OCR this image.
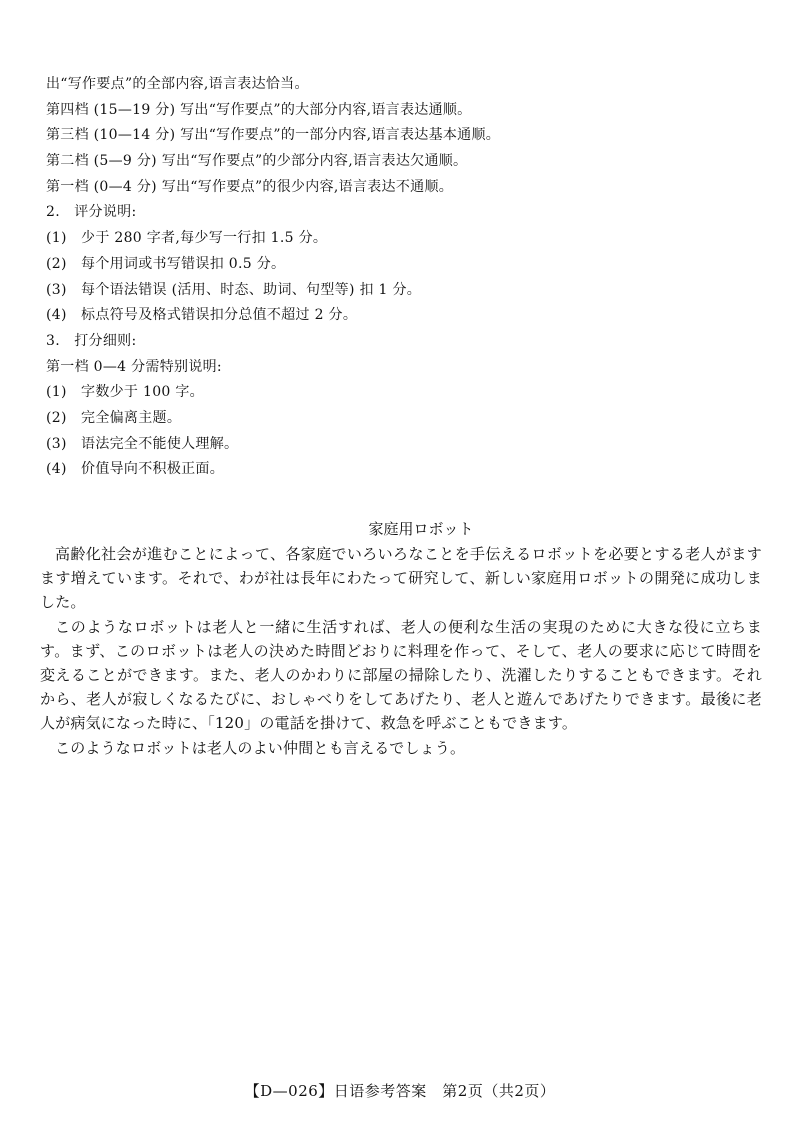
出“写作要点”的全部内容,语言表达恰当。
第四档 (15—19 分) 写出“写作要点”的大部分内容,语言表达通顺。
第三档 (10—14 分) 写出“写作要点”的一部分内容,语言表达基本通顺。
第二档 (5—9 分) 写出“写作要点”的少部分内容,语言表达欠通顺。
第一档 (0—4 分) 写出“写作要点”的很少内容,语言表达不通顺。
2.　评分说明:
(1)　少于 280 字者,每少写一行扣 1.5 分。
(2)　每个用词或书写错误扣 0.5 分。
(3)　每个语法错误 (活用、时态、助词、句型等) 扣 1 分。
(4)　标点符号及格式错误扣分总值不超过 2 分。
3.　打分细则:
第一档 0—4 分需特别说明:
(1)　字数少于 100 字。
(2)　完全偏离主题。
(3)　语法完全不能使人理解。
(4)　价值导向不积极正面。
家庭用ロボット

高齢化社会が進むことによって、各家庭でいろいろなことを手伝えるロボットを必要とする老人がますます増えています。それで、わが社は長年にわたって研究して、新しい家庭用ロボットの開発に成功しました。

このようなロボットは老人と一緒に生活すれば、老人の便利な生活の実現のために大きな役に立ちます。まず、このロボットは老人の決めた時間どおりに料理を作って、そして、老人の要求に応じて時間を変えることができます。また、老人のかわりに部屋の掃除したり、洗濯したりすることもできます。それから、老人が寂しくなるたびに、おしゃべりをしてあげたり、老人と遊んであげたりできます。最後に老人が病気になった時に、「120」の電話を掛けて、救急を呼ぶこともできます。

このようなロボットは老人のよい仲間とも言えるでしょう。

【D—026】日语参考答案　第2页（共2页）
